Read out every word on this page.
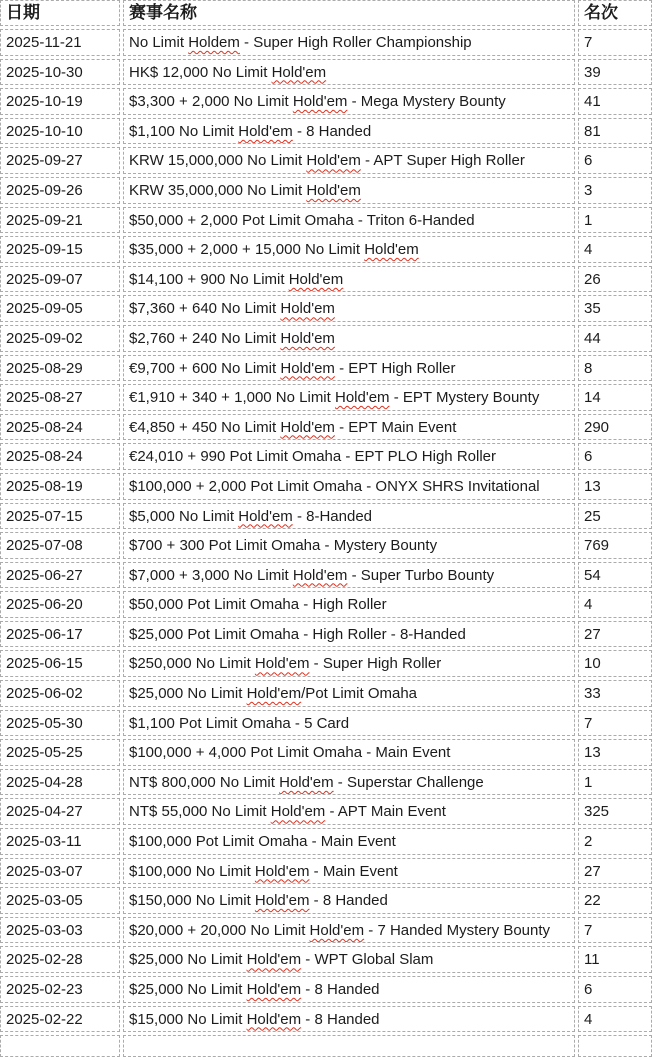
日期	赛事名称	名次
2025-11-21	No Limit Holdem - Super High Roller Championship	7
2025-10-30	HK$ 12,000 No Limit Hold'em	39
2025-10-19	$3,300 + 2,000 No Limit Hold'em - Mega Mystery Bounty	41
2025-10-10	$1,100 No Limit Hold'em - 8 Handed	81
2025-09-27	KRW 15,000,000 No Limit Hold'em - APT Super High Roller	6
2025-09-26	KRW 35,000,000 No Limit Hold'em	3
2025-09-21	$50,000 + 2,000 Pot Limit Omaha - Triton 6-Handed	1
2025-09-15	$35,000 + 2,000 + 15,000 No Limit Hold'em	4
2025-09-07	$14,100 + 900 No Limit Hold'em	26
2025-09-05	$7,360 + 640 No Limit Hold'em	35
2025-09-02	$2,760 + 240 No Limit Hold'em	44
2025-08-29	€9,700 + 600 No Limit Hold'em - EPT High Roller	8
2025-08-27	€1,910 + 340 + 1,000 No Limit Hold'em - EPT Mystery Bounty	14
2025-08-24	€4,850 + 450 No Limit Hold'em - EPT Main Event	290
2025-08-24	€24,010 + 990 Pot Limit Omaha - EPT PLO High Roller	6
2025-08-19	$100,000 + 2,000 Pot Limit Omaha - ONYX SHRS Invitational	13
2025-07-15	$5,000 No Limit Hold'em - 8-Handed	25
2025-07-08	$700 + 300 Pot Limit Omaha - Mystery Bounty	769
2025-06-27	$7,000 + 3,000 No Limit Hold'em - Super Turbo Bounty	54
2025-06-20	$50,000 Pot Limit Omaha - High Roller	4
2025-06-17	$25,000 Pot Limit Omaha - High Roller - 8-Handed	27
2025-06-15	$250,000 No Limit Hold'em - Super High Roller	10
2025-06-02	$25,000 No Limit Hold'em/Pot Limit Omaha	33
2025-05-30	$1,100 Pot Limit Omaha - 5 Card	7
2025-05-25	$100,000 + 4,000 Pot Limit Omaha - Main Event	13
2025-04-28	NT$ 800,000 No Limit Hold'em - Superstar Challenge	1
2025-04-27	NT$ 55,000 No Limit Hold'em - APT Main Event	325
2025-03-11	$100,000 Pot Limit Omaha - Main Event	2
2025-03-07	$100,000 No Limit Hold'em - Main Event	27
2025-03-05	$150,000 No Limit Hold'em - 8 Handed	22
2025-03-03	$20,000 + 20,000 No Limit Hold'em - 7 Handed Mystery Bounty	7
2025-02-28	$25,000 No Limit Hold'em - WPT Global Slam	11
2025-02-23	$25,000 No Limit Hold'em - 8 Handed	6
2025-02-22	$15,000 No Limit Hold'em - 8 Handed	4
